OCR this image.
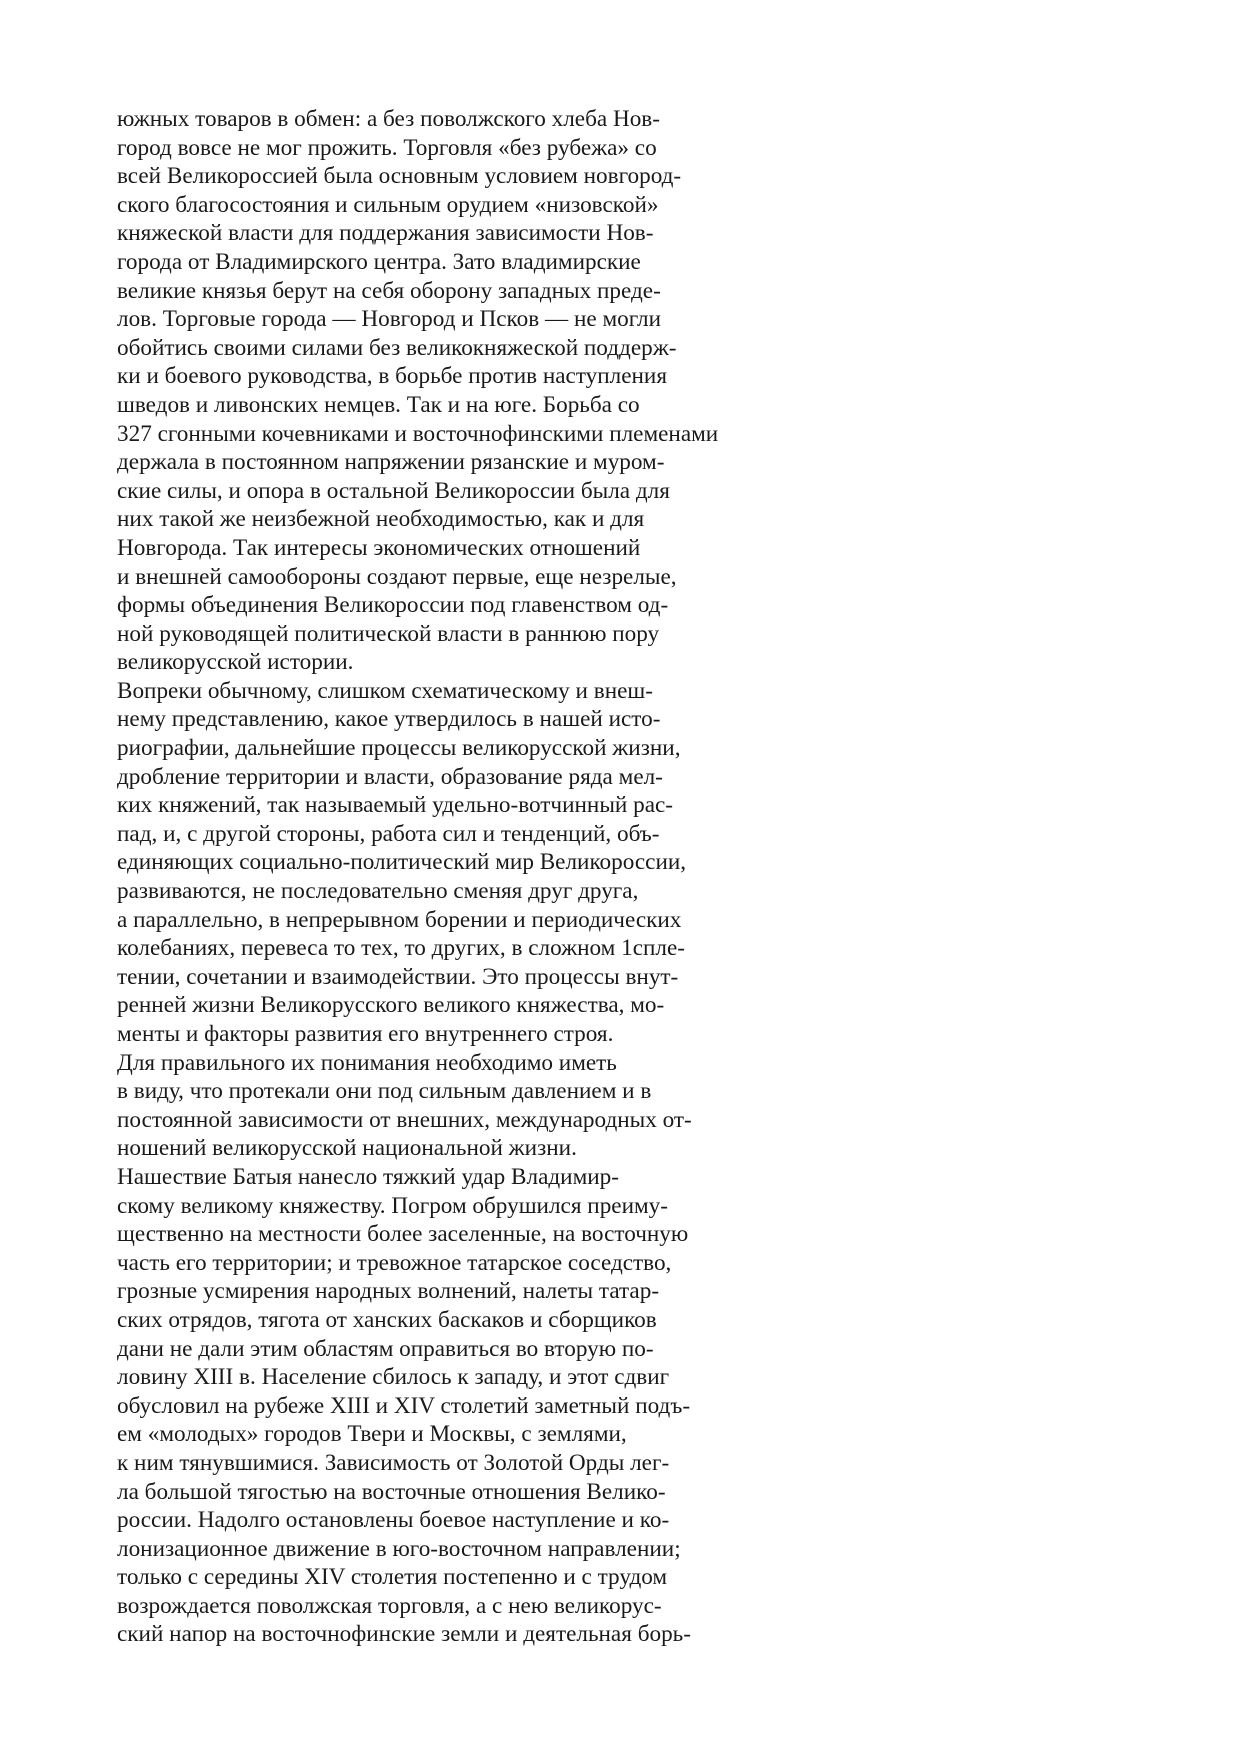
южных товаров в обмен: а без поволжского хлеба Нов-
город вовсе не мог прожить. Торговля «без рубежа» со
всей Великороссией была основным условием новгород-
ского благосостояния и сильным орудием «низовской»
княжеской власти для поддержания зависимости Нов-
города от Владимирского центра. Зато владимирские
великие князья берут на себя оборону западных преде-
лов. Торговые города — Новгород и Псков — не могли
обойтись своими силами без великокняжеской поддерж-
ки и боевого руководства, в борьбе против наступления
шведов и ливонских немцев. Так и на юге. Борьба со
327 сгонными кочевниками и восточнофинскими племенами
держала в постоянном напряжении рязанские и муром-
ские силы, и опора в остальной Великороссии была для
них такой же неизбежной необходимостью, как и для
Новгорода. Так интересы экономических отношений
и внешней самообороны создают первые, еще незрелые,
формы объединения Великороссии под главенством од-
ной руководящей политической власти в раннюю пору
великорусской истории.
Вопреки обычному, слишком схематическому и внеш-
нему представлению, какое утвердилось в нашей исто-
риографии, дальнейшие процессы великорусской жизни,
дробление территории и власти, образование ряда мел-
ких княжений, так называемый удельно-вотчинный рас-
пад, и, с другой стороны, работа сил и тенденций, объ-
единяющих социально-политический мир Великороссии,
развиваются, не последовательно сменяя друг друга,
а параллельно, в непрерывном борении и периодических
колебаниях, перевеса то тех, то других, в сложном 1спле-
тении, сочетании и взаимодействии. Это процессы внут-
ренней жизни Великорусского великого княжества, мо-
менты и факторы развития его внутреннего строя.
Для правильного их понимания необходимо иметь
в виду, что протекали они под сильным давлением и в
постоянной зависимости от внешних, международных от-
ношений великорусской национальной жизни.
Нашествие Батыя нанесло тяжкий удар Владимир-
скому великому княжеству. Погром обрушился преиму-
щественно на местности более заселенные, на восточную
часть его территории; и тревожное татарское соседство,
грозные усмирения народных волнений, налеты татар-
ских отрядов, тягота от ханских баскаков и сборщиков
дани не дали этим областям оправиться во вторую по-
ловину XIII в. Население сбилось к западу, и этот сдвиг
обусловил на рубеже XIII и XIV столетий заметный подъ-
ем «молодых» городов Твери и Москвы, с землями,
к ним тянувшимися. Зависимость от Золотой Орды лег-
ла большой тягостью на восточные отношения Велико-
россии. Надолго остановлены боевое наступление и ко-
лонизационное движение в юго-восточном направлении;
только с середины XIV столетия постепенно и с трудом
возрождается поволжская торговля, а с нею великорус-
ский напор на восточнофинские земли и деятельная борь-
